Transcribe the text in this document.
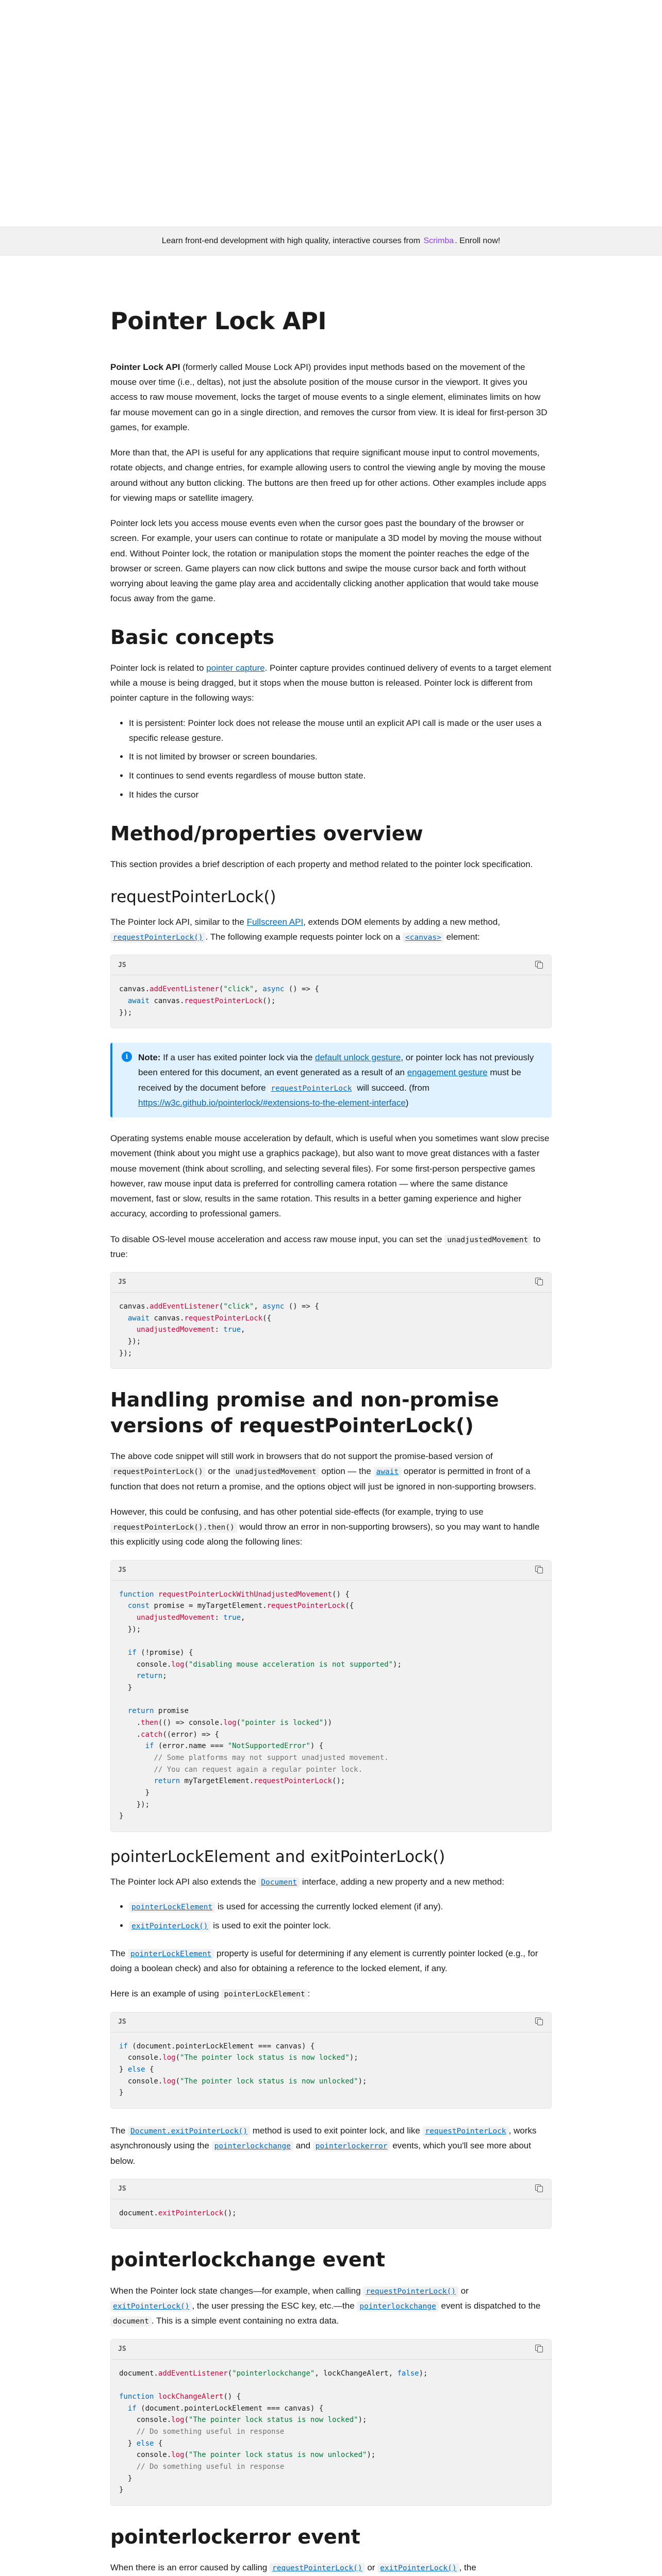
Learn front-end development with high quality, interactive courses from
Scrimba . Enroll now!
Pointer Lock API

Pointer Lock API (formerly called Mouse Lock API) provides input methods based on the movement of the mouse over time (i.e., deltas), not just the absolute position of the mouse cursor in the viewport. It gives you access to raw mouse movement, locks the target of mouse events to a single element, eliminates limits on how far mouse movement can go in a single direction, and removes the cursor from view. It is ideal for first-person 3D games, for example.

More than that, the API is useful for any applications that require significant mouse input to control movements, rotate objects, and change entries, for example allowing users to control the viewing angle by moving the mouse around without any button clicking. The buttons are then freed up for other actions. Other examples include apps for viewing maps or satellite imagery.

Pointer lock lets you access mouse events even when the cursor goes past the boundary of the browser or screen. For example, your users can continue to rotate or manipulate a 3D model by moving the mouse without end. Without Pointer lock, the rotation or manipulation stops the moment the pointer reaches the edge of the browser or screen. Game players can now click buttons and swipe the mouse cursor back and forth without worrying about leaving the game play area and accidentally clicking another application that would take mouse focus away from the game.

Basic concepts

Pointer lock is related to pointer capture. Pointer capture provides continued delivery of events to a target element while a mouse is being dragged, but it stops when the mouse button is released. Pointer lock is different from pointer capture in the following ways:

• It is persistent: Pointer lock does not release the mouse until an explicit API call is made or the user uses a specific release gesture.
• It is not limited by browser or screen boundaries.
• It continues to send events regardless of mouse button state.
• It hides the cursor
Method/properties overview

This section provides a brief description of each property and method related to the pointer lock specification.

requestPointerLock()

The Pointer lock API, similar to the Fullscreen API, extends DOM elements by adding a new method, requestPointerLock() . The following example requests pointer lock on a <canvas> element:

JS
canvas.addEventListener("click", async () => {
await canvas.requestPointerLock();
});
i	Note: If a user has exited pointer lock via the default unlock gesture, or pointer lock has not previously been entered for this document, an event generated as a result of an engagement gesture must be received by the document before requestPointerLock will succeed. (from https://w3c.github.io/pointerlock/#extensions-to-the-element-interface)

Operating systems enable mouse acceleration by default, which is useful when you sometimes want slow precise movement (think about you might use a graphics package), but also want to move great distances with a faster mouse movement (think about scrolling, and selecting several files). For some first-person perspective games however, raw mouse input data is preferred for controlling camera rotation — where the same distance movement, fast or slow, results in the same rotation. This results in a better gaming experience and higher accuracy, according to professional gamers.

To disable OS-level mouse acceleration and access raw mouse input, you can set the unadjustedMovement to true:

JS
canvas.addEventListener("click", async () => {
await canvas.requestPointerLock({
unadjustedMovement: true,
});
});
Handling promise and non-promise versions of requestPointerLock()

The above code snippet will still work in browsers that do not support the promise-based version of requestPointerLock() or the unadjustedMovement option — the await operator is permitted in front of a function that does not return a promise, and the options object will just be ignored in non-supporting browsers.

However, this could be confusing, and has other potential side-effects (for example, trying to use requestPointerLock().then() would throw an error in non-supporting browsers), so you may want to handle this explicitly using code along the following lines:

JS
function requestPointerLockWithUnadjustedMovement() {
const promise = myTargetElement.requestPointerLock({
unadjustedMovement: true,
});

if (!promise) {
console.log("disabling mouse acceleration is not supported");
return;
}

return promise
.then(() => console.log("pointer is locked"))
.catch((error) => {
if (error.name === "NotSupportedError") {
// Some platforms may not support unadjusted movement.
// You can request again a regular pointer lock.
return myTargetElement.requestPointerLock();
}
});
}
pointerLockElement and exitPointerLock()

The Pointer lock API also extends the Document interface, adding a new property and a new method:

• pointerLockElement is used for accessing the currently locked element (if any).
• exitPointerLock() is used to exit the pointer lock.

The pointerLockElement property is useful for determining if any element is currently pointer locked (e.g., for doing a boolean check) and also for obtaining a reference to the locked element, if any.

Here is an example of using pointerLockElement :

JS
if (document.pointerLockElement === canvas) {
console.log("The pointer lock status is now locked");
} else {
console.log("The pointer lock status is now unlocked");
}

The Document.exitPointerLock() method is used to exit pointer lock, and like requestPointerLock , works asynchronously using the pointerlockchange and pointerlockerror events, which you'll see more about below.

JS
document.exitPointerLock();
pointerlockchange event

When the Pointer lock state changes—for example, when calling requestPointerLock() or exitPointerLock() , the user pressing the ESC key, etc.—the pointerlockchange event is dispatched to the document . This is a simple event containing no extra data.

JS
document.addEventListener("pointerlockchange", lockChangeAlert, false);

function lockChangeAlert() {
if (document.pointerLockElement === canvas) {
console.log("The pointer lock status is now locked");
// Do something useful in response
} else {
console.log("The pointer lock status is now unlocked");
// Do something useful in response
}
}
pointerlockerror event

When there is an error caused by calling requestPointerLock() or exitPointerLock() , the
